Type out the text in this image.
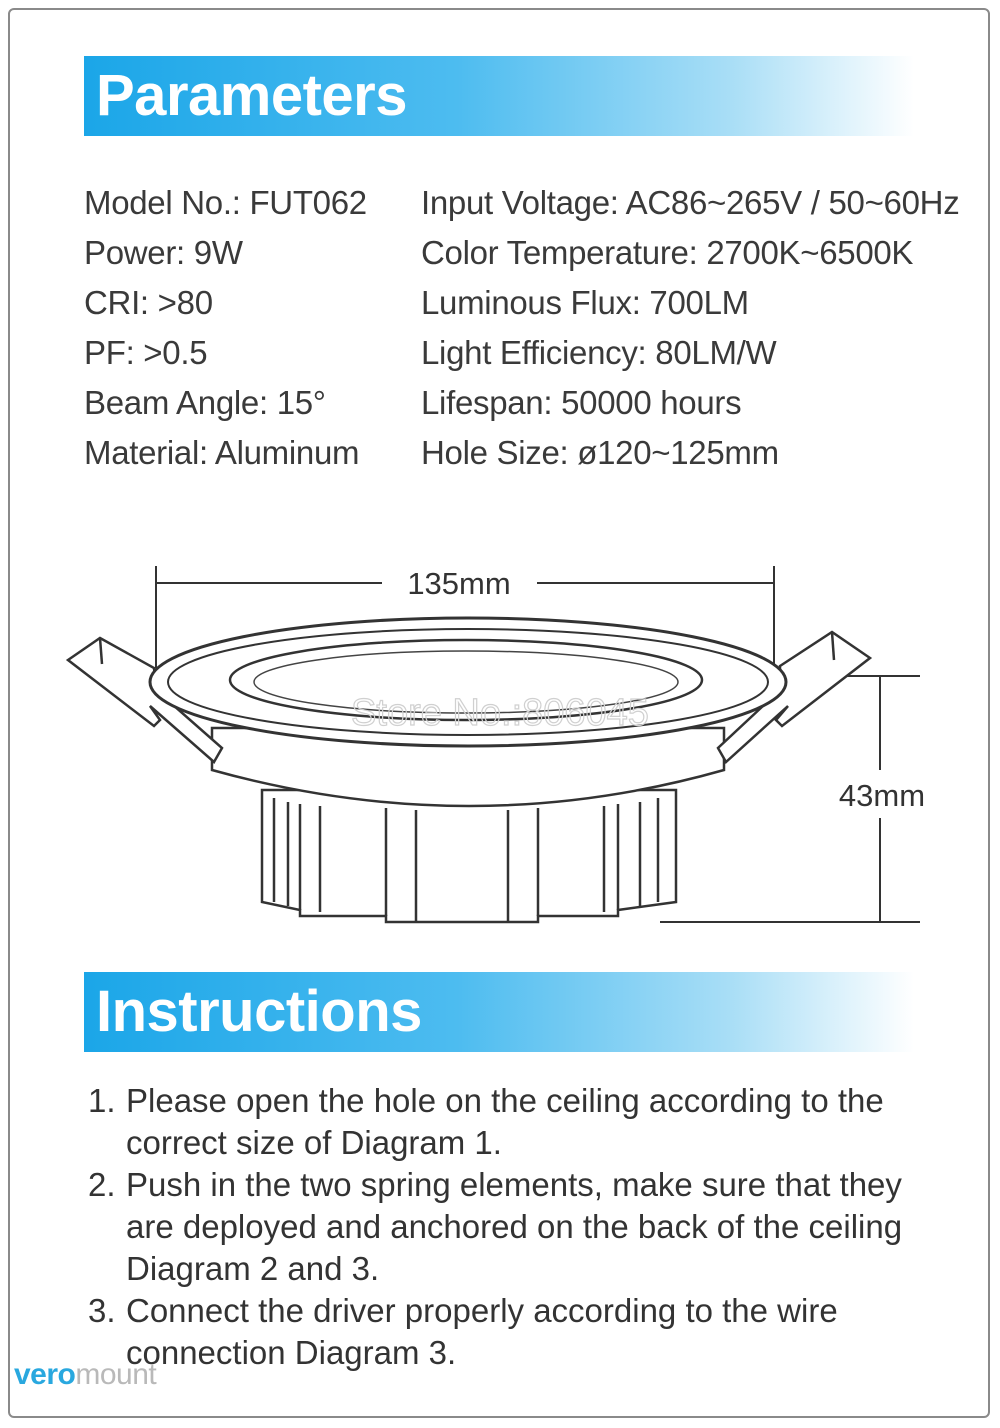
Parameters
Model No.: FUT062
Power: 9W
CRI: >80
PF: >0.5
Beam Angle: 15°
Material: Aluminum
Input Voltage: AC86~265V / 50~60Hz
Color Temperature: 2700K~6500K
Luminous Flux: 700LM
Light Efficiency: 80LM/W
Lifespan: 50000 hours
Hole Size: ø120~125mm
Store No.:806045
135mm
43mm
Instructions
1. Please open the hole on the ceiling according to the correct size of Diagram 1.
2. Push in the two spring elements, make sure that they are deployed and anchored on the back of the ceiling Diagram 2 and 3.
3. Connect the driver properly according to the wire connection Diagram 3.
veromount
